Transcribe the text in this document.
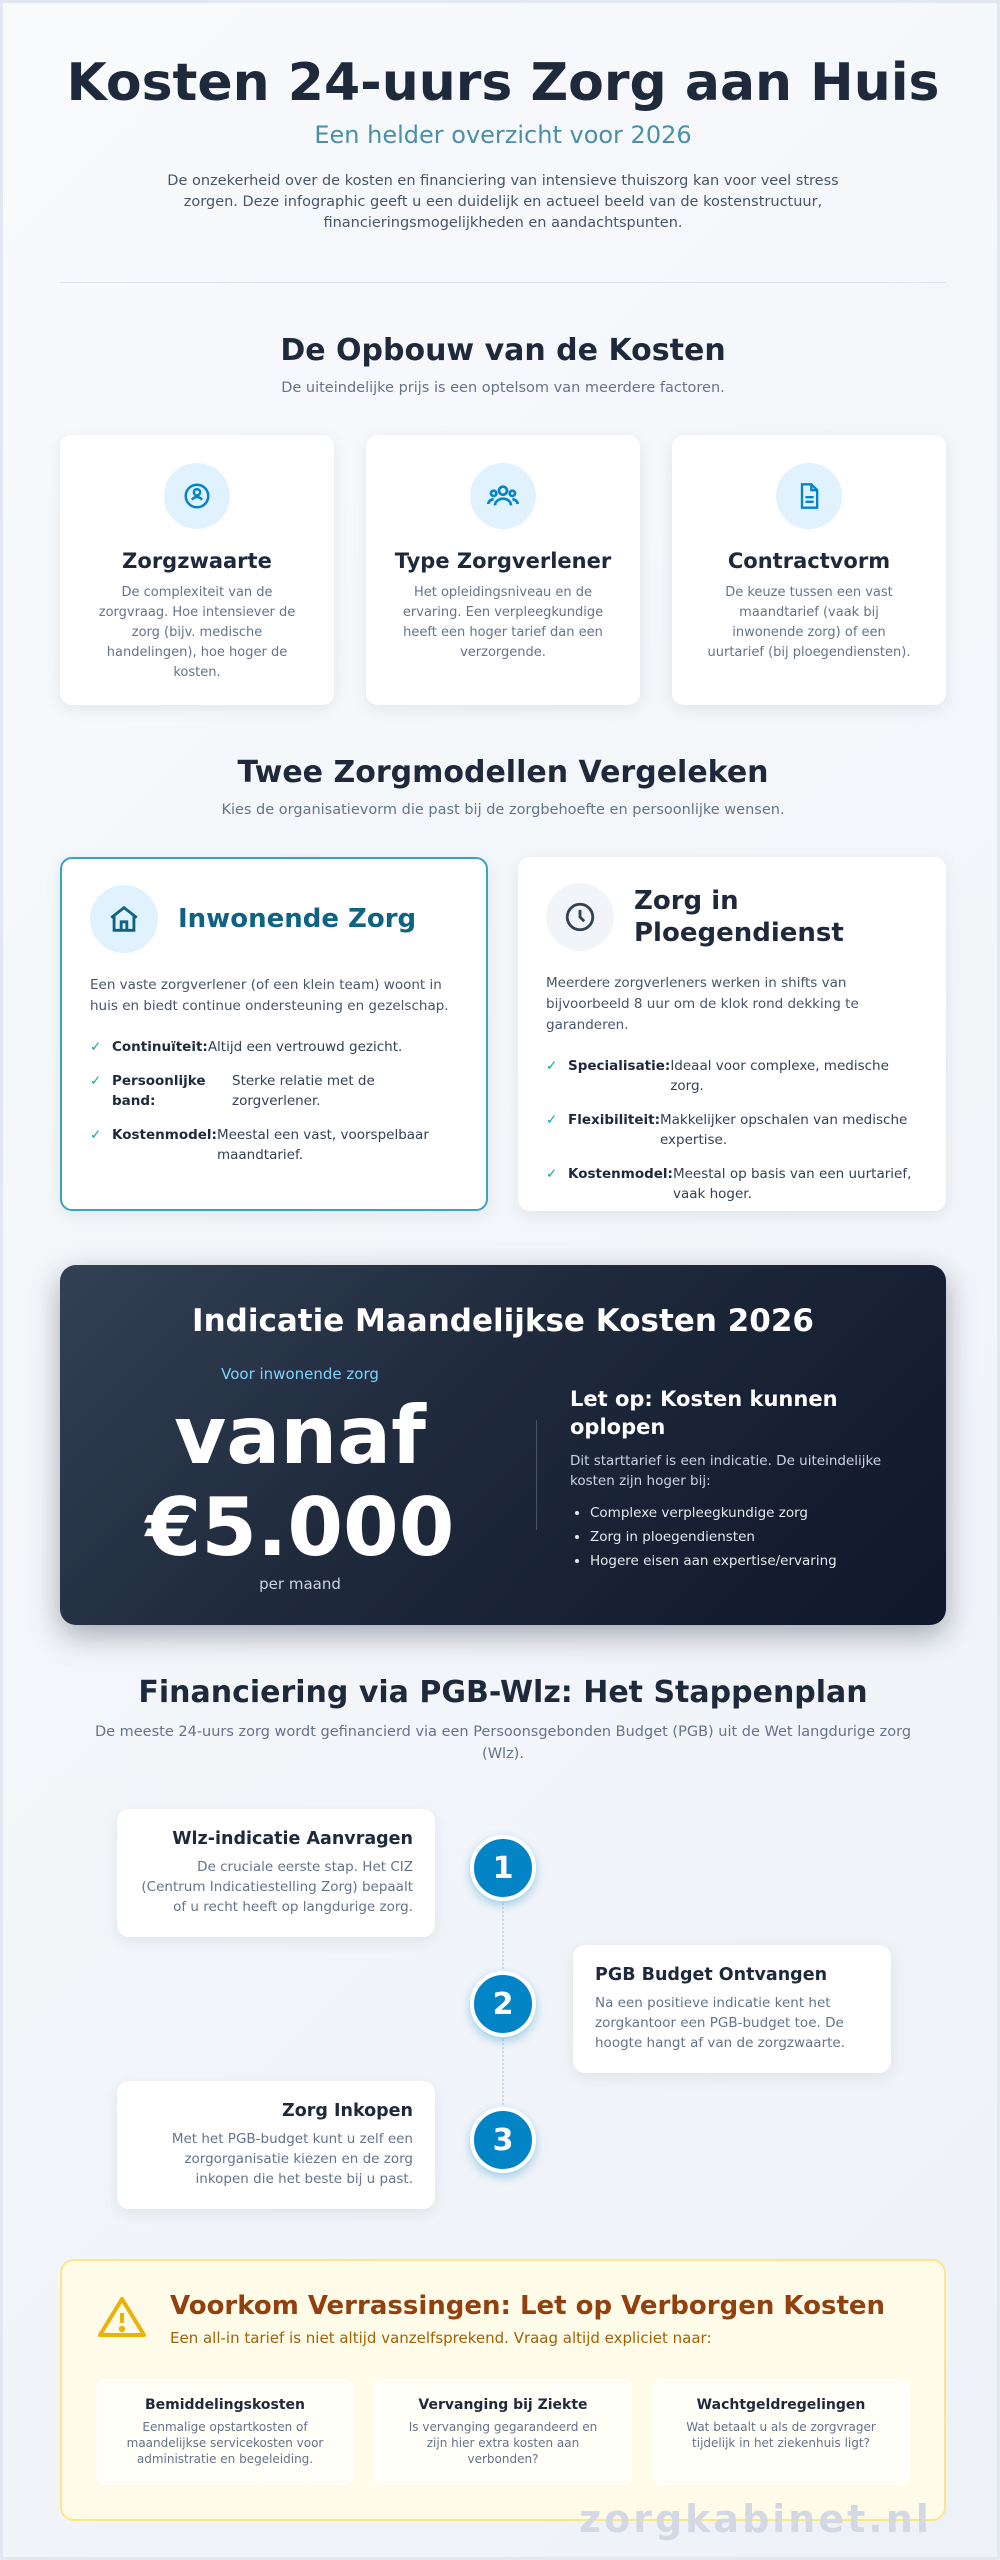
Kosten 24-uurs Zorg aan Huis
Een helder overzicht voor 2026

De onzekerheid over de kosten en financiering van intensieve thuiszorg kan voor veel stress zorgen. Deze infographic geeft u een duidelijk en actueel beeld van de kostenstructuur, financieringsmogelijkheden en aandachtspunten.

De Opbouw van de Kosten
De uiteindelijke prijs is een optelsom van meerdere factoren.
Zorgzwaarte

De complexiteit van de zorgvraag. Hoe intensiever de zorg (bijv. medische handelingen), hoe hoger de kosten.

Type Zorgverlener

Het opleidingsniveau en de ervaring. Een verpleegkundige heeft een hoger tarief dan een verzorgende.

Contractvorm

De keuze tussen een vast maandtarief (vaak bij inwonende zorg) of een uurtarief (bij ploegendiensten).

Twee Zorgmodellen Vergeleken
Kies de organisatievorm die past bij de zorgbehoefte en persoonlijke wensen.
Inwonende Zorg

Een vaste zorgverlener (of een klein team) woont in huis en biedt continue ondersteuning en gezelschap.

✓ Continuïteit: Altijd een vertrouwd gezicht.
✓ Persoonlijke band:
Sterke relatie met de zorgverlener.
✓ Kostenmodel: Meestal een vast, voorspelbaar maandtarief.
Zorg in Ploegendienst

Meerdere zorgverleners werken in shifts van bijvoorbeeld 8 uur om de klok rond dekking te garanderen.

✓ Specialisatie: Ideaal voor complexe, medische zorg.
✓ Flexibiliteit: Makkelijker opschalen van medische expertise.
✓ Kostenmodel: Meestal op basis van een uurtarief, vaak hoger.
Indicatie Maandelijkse Kosten 2026
Voor inwonende zorg
vanaf
€5.000
per maand
Let op: Kosten kunnen oplopen

Dit starttarief is een indicatie. De uiteindelijke kosten zijn hoger bij:

• Complexe verpleegkundige zorg
• Zorg in ploegendiensten
• Hogere eisen aan expertise/ervaring
Financiering via PGB-Wlz: Het Stappenplan
De meeste 24-uurs zorg wordt gefinancierd via een Persoonsgebonden Budget (PGB) uit de Wet langdurige zorg (Wlz).
Wlz-indicatie Aanvragen

De cruciale eerste stap. Het CIZ (Centrum Indicatiestelling Zorg) bepaalt of u recht heeft op langdurige zorg.

1
2
PGB Budget Ontvangen

Na een positieve indicatie kent het zorgkantoor een PGB-budget toe. De hoogte hangt af van de zorgzwaarte.

Zorg Inkopen

Met het PGB-budget kunt u zelf een zorgorganisatie kiezen en de zorg inkopen die het beste bij u past.

3
Voorkom Verrassingen: Let op Verborgen Kosten
Een all-in tarief is niet altijd vanzelfsprekend. Vraag altijd expliciet naar:
Bemiddelingskosten

Eenmalige opstartkosten of maandelijkse servicekosten voor administratie en begeleiding.

Vervanging bij Ziekte

Is vervanging gegarandeerd en zijn hier extra kosten aan verbonden?

Wachtgeldregelingen

Wat betaalt u als de zorgvrager tijdelijk in het ziekenhuis ligt?

zorgkabinet.nl
